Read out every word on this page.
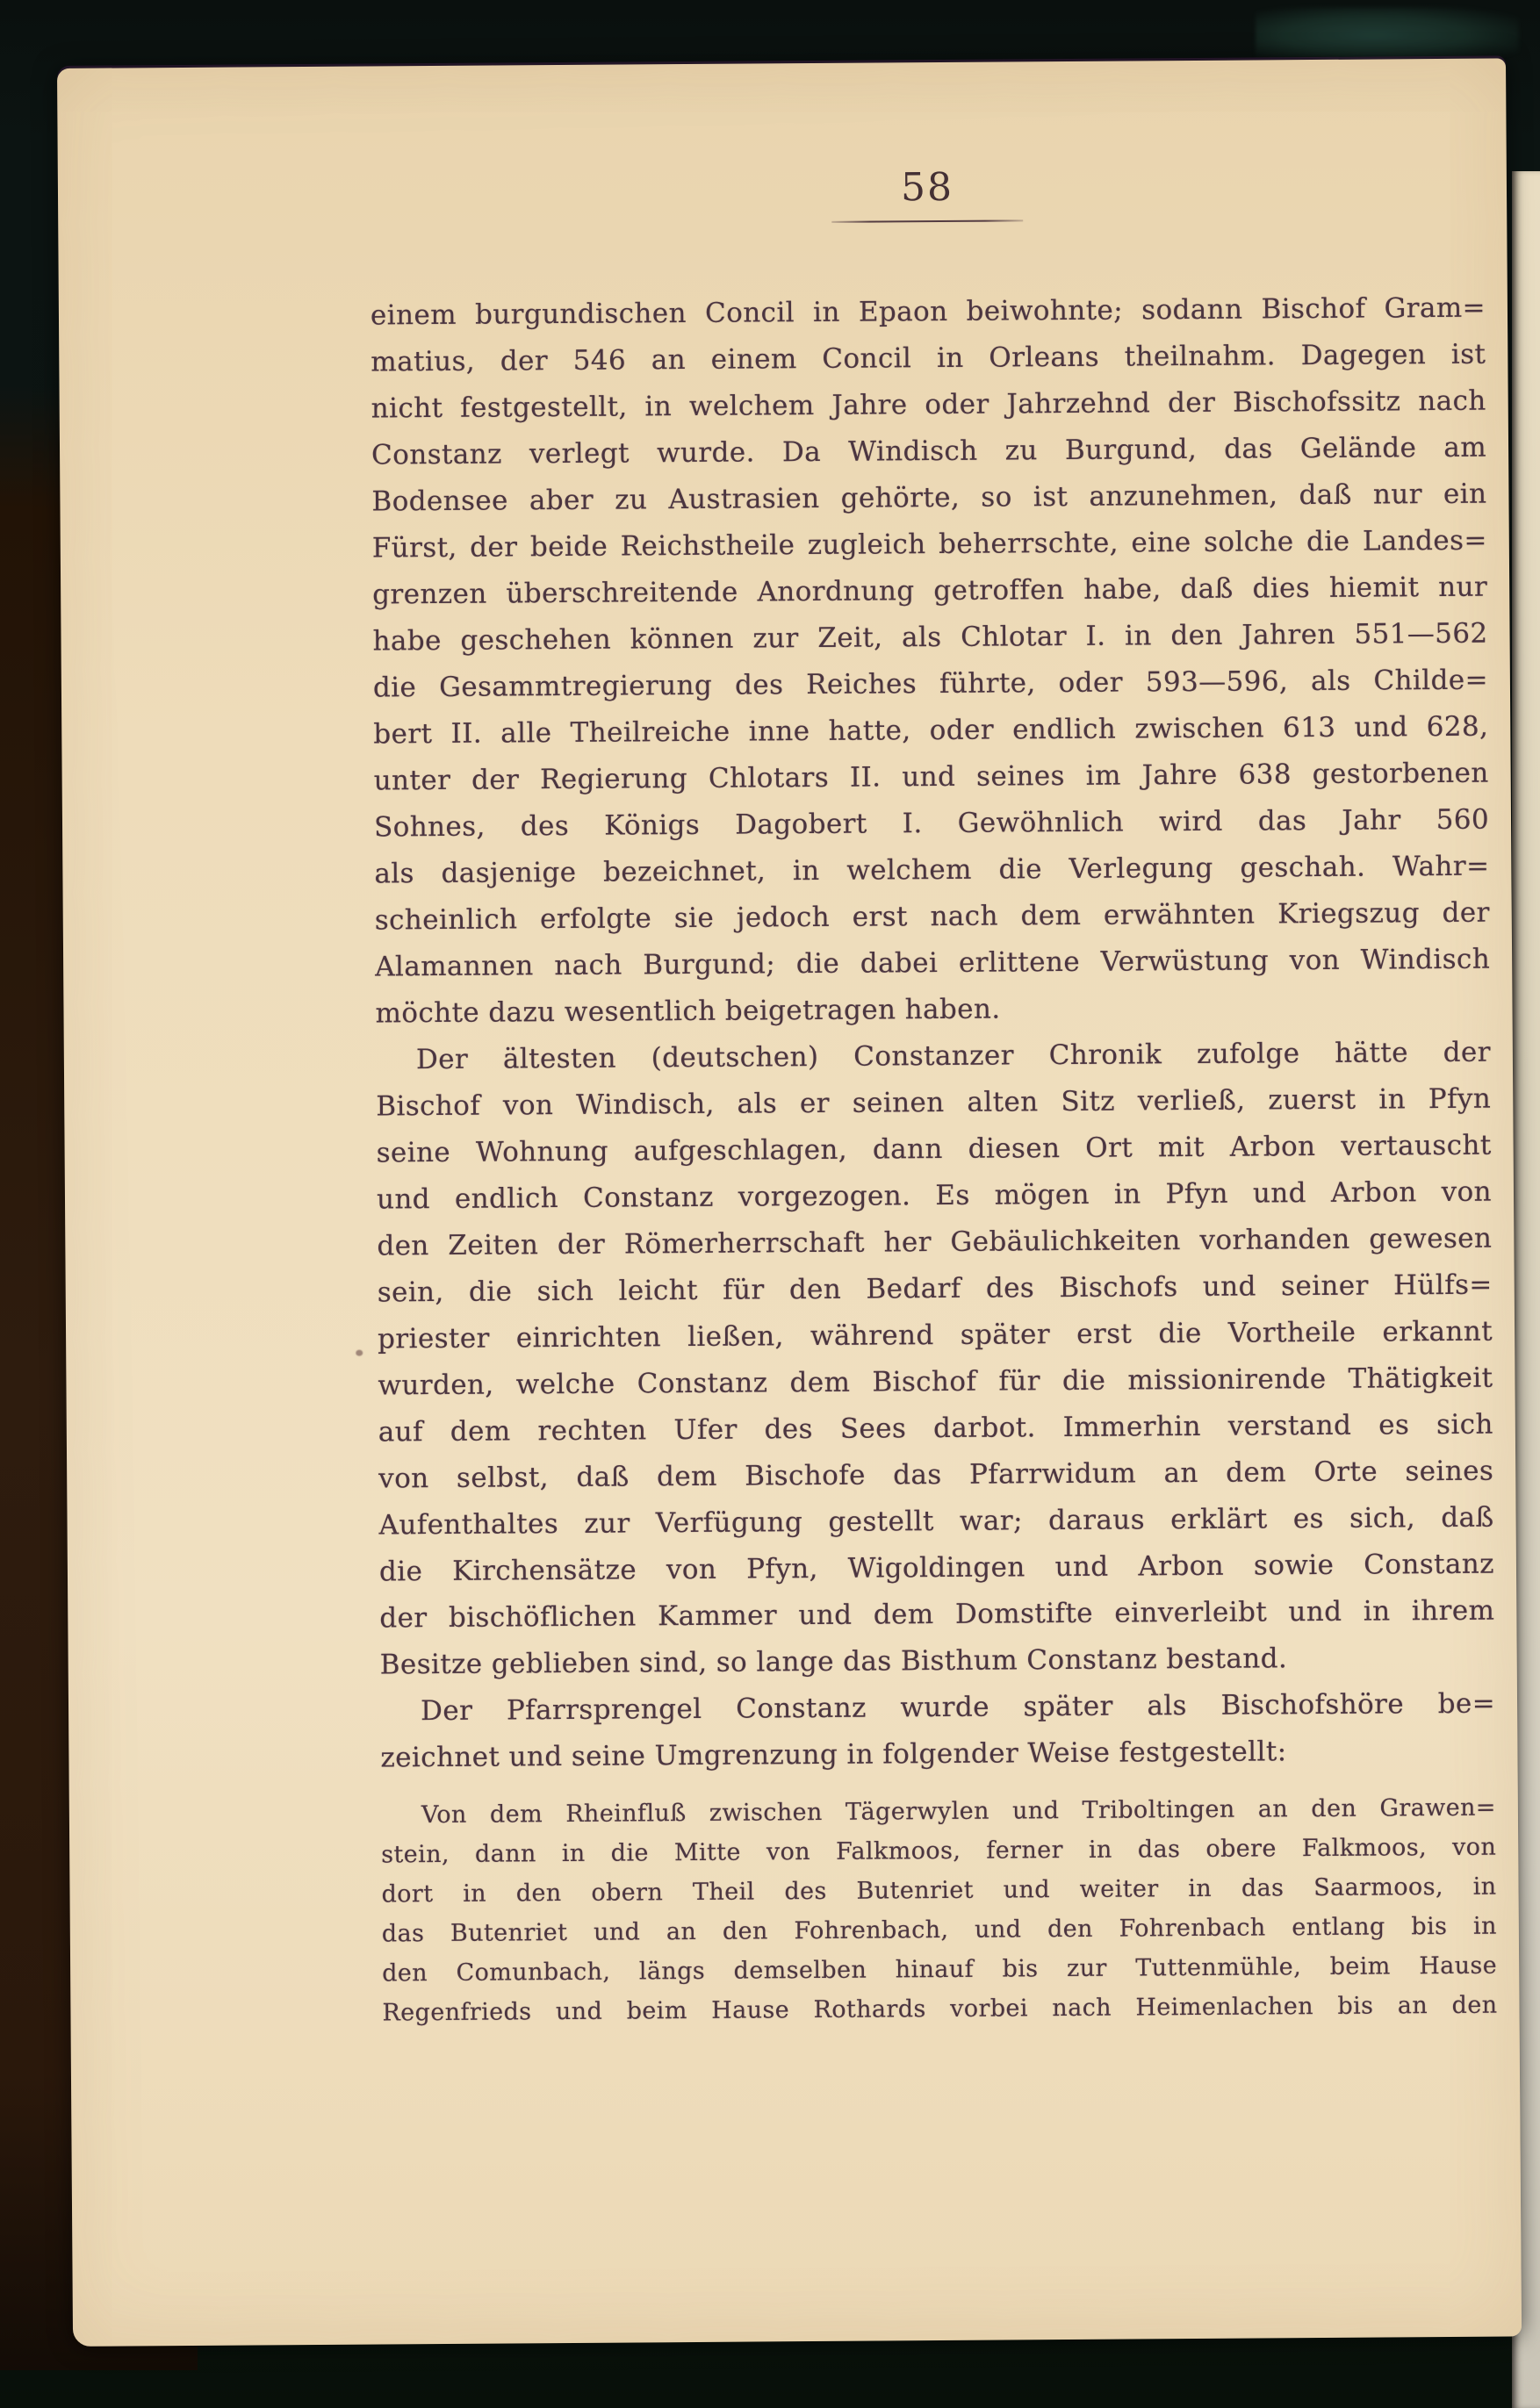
58
einem burgundischen Concil in Epaon beiwohnte; sodann Bischof Gram=
matius, der 546 an einem Concil in Orleans theilnahm. Dagegen ist
nicht festgestellt, in welchem Jahre oder Jahrzehnd der Bischofssitz nach
Constanz verlegt wurde. Da Windisch zu Burgund, das Gelände am
Bodensee aber zu Austrasien gehörte, so ist anzunehmen, daß nur ein
Fürst, der beide Reichstheile zugleich beherrschte, eine solche die Landes=
grenzen überschreitende Anordnung getroffen habe, daß dies hiemit nur
habe geschehen können zur Zeit, als Chlotar I. in den Jahren 551—562
die Gesammtregierung des Reiches führte, oder 593—596, als Childe=
bert II. alle Theilreiche inne hatte, oder endlich zwischen 613 und 628,
unter der Regierung Chlotars II. und seines im Jahre 638 gestorbenen
Sohnes, des Königs Dagobert I. Gewöhnlich wird das Jahr 560
als dasjenige bezeichnet, in welchem die Verlegung geschah. Wahr=
scheinlich erfolgte sie jedoch erst nach dem erwähnten Kriegszug der
Alamannen nach Burgund; die dabei erlittene Verwüstung von Windisch
möchte dazu wesentlich beigetragen haben.
Der ältesten (deutschen) Constanzer Chronik zufolge hätte der
Bischof von Windisch, als er seinen alten Sitz verließ, zuerst in Pfyn
seine Wohnung aufgeschlagen, dann diesen Ort mit Arbon vertauscht
und endlich Constanz vorgezogen. Es mögen in Pfyn und Arbon von
den Zeiten der Römerherrschaft her Gebäulichkeiten vorhanden gewesen
sein, die sich leicht für den Bedarf des Bischofs und seiner Hülfs=
priester einrichten ließen, während später erst die Vortheile erkannt
wurden, welche Constanz dem Bischof für die missionirende Thätigkeit
auf dem rechten Ufer des Sees darbot. Immerhin verstand es sich
von selbst, daß dem Bischofe das Pfarrwidum an dem Orte seines
Aufenthaltes zur Verfügung gestellt war; daraus erklärt es sich, daß
die Kirchensätze von Pfyn, Wigoldingen und Arbon sowie Constanz
der bischöflichen Kammer und dem Domstifte einverleibt und in ihrem
Besitze geblieben sind, so lange das Bisthum Constanz bestand.
Der Pfarrsprengel Constanz wurde später als Bischofshöre be=
zeichnet und seine Umgrenzung in folgender Weise festgestellt:
Von dem Rheinfluß zwischen Tägerwylen und Triboltingen an den Grawen=
stein, dann in die Mitte von Falkmoos, ferner in das obere Falkmoos, von
dort in den obern Theil des Butenriet und weiter in das Saarmoos, in
das Butenriet und an den Fohrenbach, und den Fohrenbach entlang bis in
den Comunbach, längs demselben hinauf bis zur Tuttenmühle, beim Hause
Regenfrieds und beim Hause Rothards vorbei nach Heimenlachen bis an den
